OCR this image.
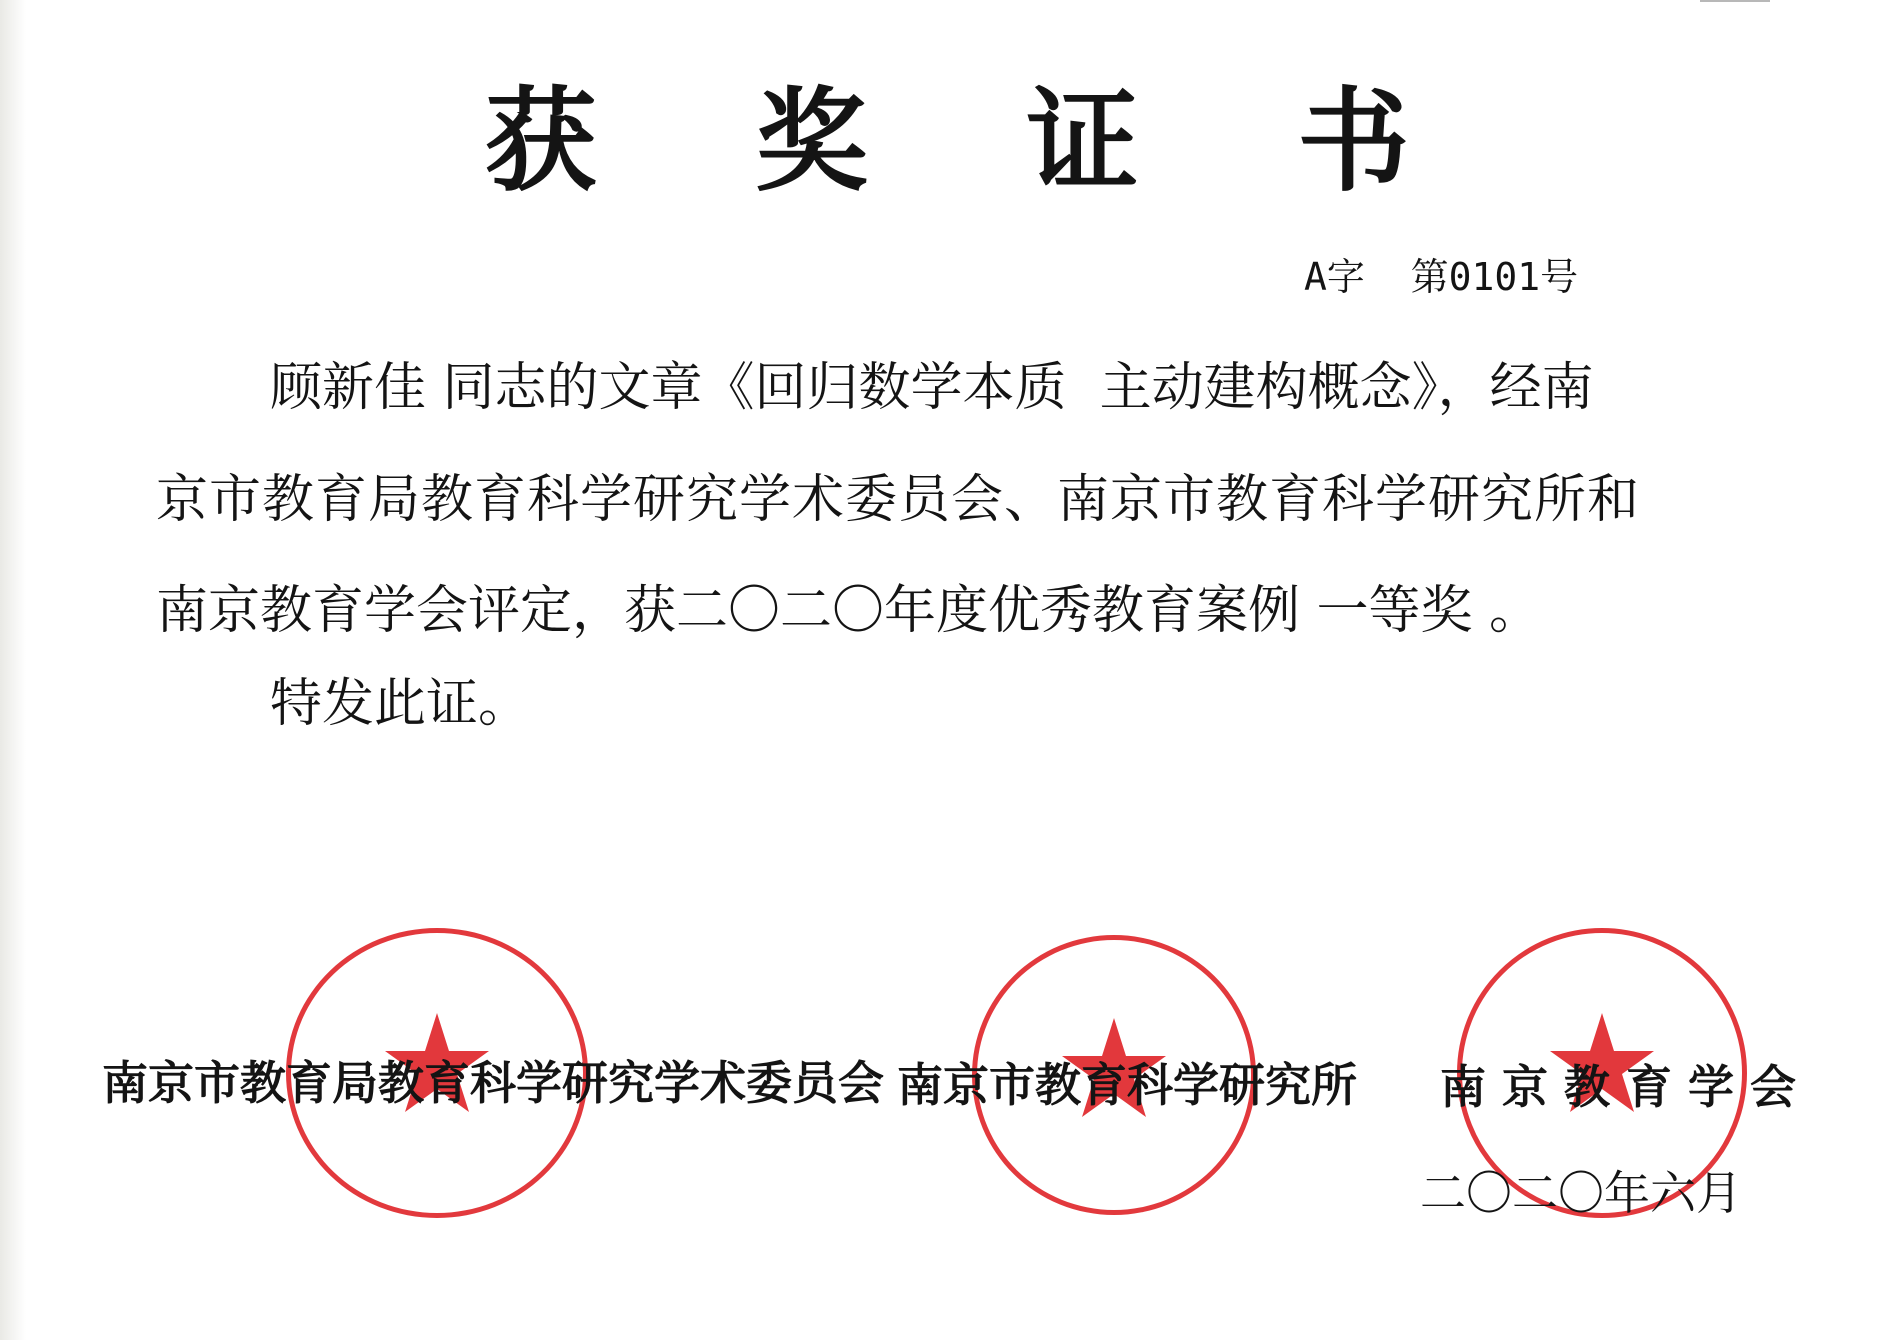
获 奖 证 书
A字  第0101号
顾新佳 同志的文章《回归数学本质  主动建构概念》，经南
京市教育局教育科学研究学术委员会、南京市教育科学研究所和
南京教育学会评定，获二〇二〇年度优秀教育案例 一等奖 。
特发此证。
南京市教育局教育科学研究学术委员会 南京市教育科学研究所 南京教育学会
二〇二〇年六月
